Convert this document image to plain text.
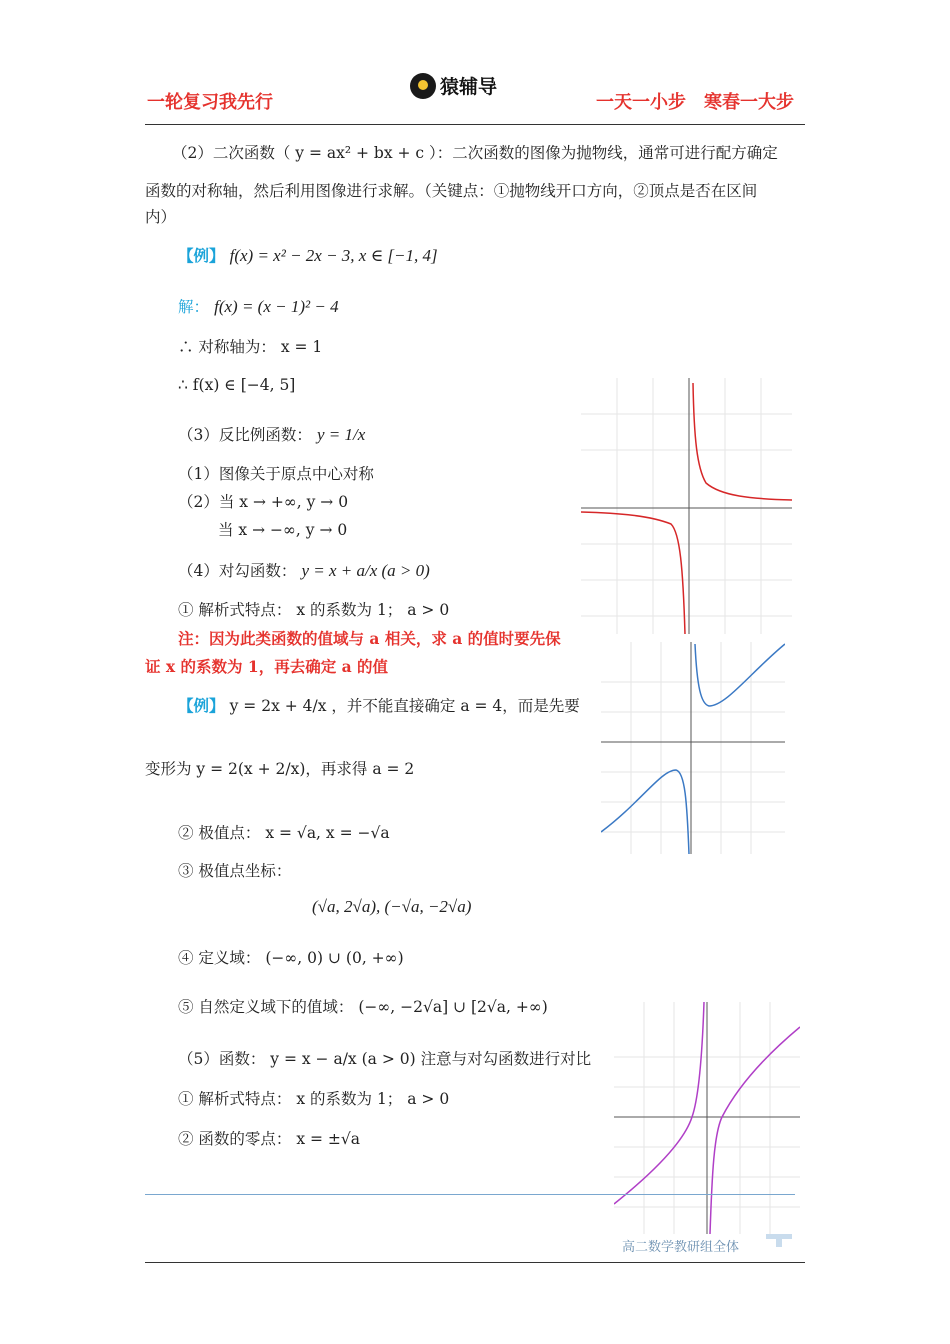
一轮复习我先行
猿辅导
一天一小步　寒春一大步
（2）二次函数（ y = ax² + bx + c ）：二次函数的图像为抛物线，通常可进行配方确定
函数的对称轴，然后利用图像进行求解。（关键点：①抛物线开口方向，②顶点是否在区间
内）
【例】 f(x) = x² − 2x − 3, x ∈ [−1, 4]
解： f(x) = (x − 1)² − 4
∴ 对称轴为： x = 1
∴ f(x) ∈ [−4, 5]
（3）反比例函数： y = 1/x
（1）图像关于原点中心对称
（2）当 x → +∞, y → 0
当 x → −∞, y → 0
（4）对勾函数： y = x + a/x (a > 0)
① 解析式特点： x 的系数为 1； a > 0
注：因为此类函数的值域与 a 相关，求 a 的值时要先保
证 x 的系数为 1，再去确定 a 的值
【例】 y = 2x + 4/x ，并不能直接确定 a = 4，而是先要
变形为 y = 2(x + 2/x)，再求得 a = 2
② 极值点： x = √a, x = −√a
③ 极值点坐标：
(√a, 2√a), (−√a, −2√a)
④ 定义域： (−∞, 0) ∪ (0, +∞)
⑤ 自然定义域下的值域： (−∞, −2√a] ∪ [2√a, +∞)
（5）函数： y = x − a/x (a > 0) 注意与对勾函数进行对比
① 解析式特点： x 的系数为 1； a > 0
② 函数的零点： x = ±√a
高二数学教研组全体
